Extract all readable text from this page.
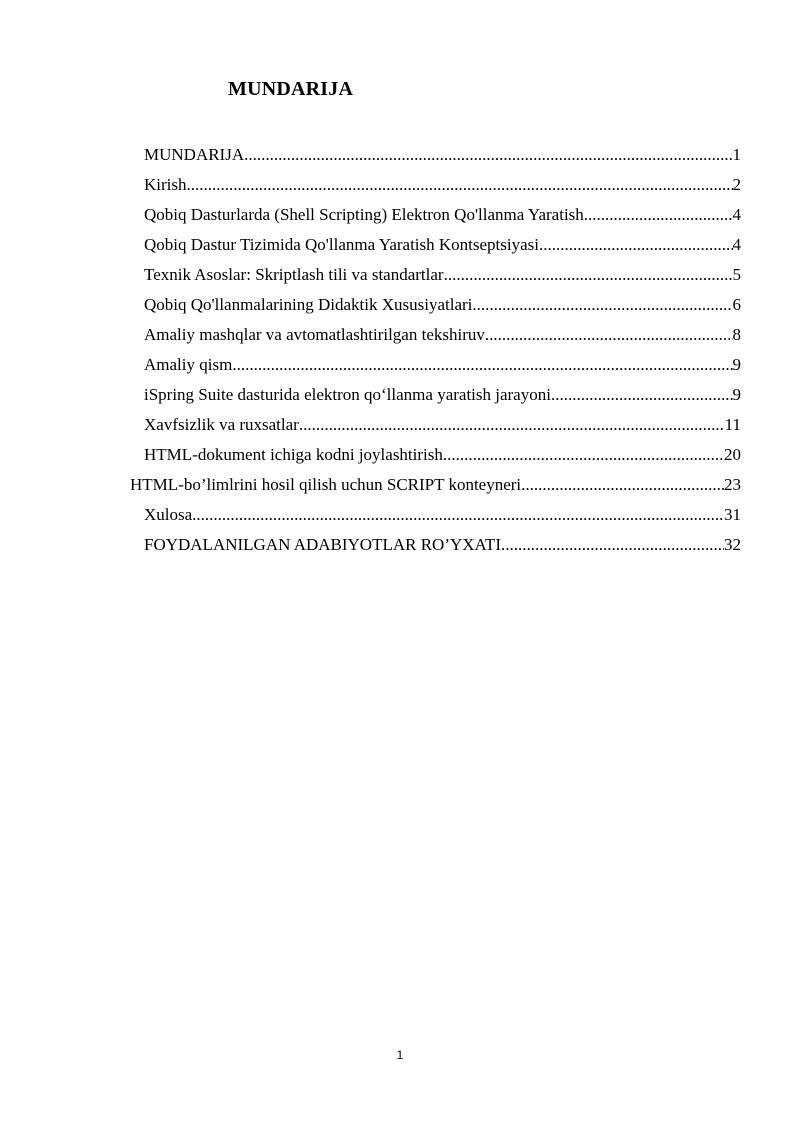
MUNDARIJA
MUNDARIJA .....	1
Kirish .....	2
Qobiq Dasturlarda (Shell Scripting) Elektron Qo'llanma Yaratish .....	4
Qobiq Dastur Tizimida Qo'llanma Yaratish Kontseptsiyasi .....	4
Texnik Asoslar: Skriptlash tili va standartlar .....	5
Qobiq Qo'llanmalarining Didaktik Xususiyatlari .....	6
Amaliy mashqlar va avtomatlashtirilgan tekshiruv .....	8
Amaliy qism .....	9
iSpring Suite dasturida elektron qo‘llanma yaratish jarayoni .....	9
Xavfsizlik va ruxsatlar .....	11
HTML-dokument ichiga kodni joylashtirish .....	20
HTML-bo’limlrini hosil qilish uchun SCRIPT konteyneri .....	23
Xulosa .....	31
FOYDALANILGAN ADABIYOTLAR RO’YXATI .....	32
1
